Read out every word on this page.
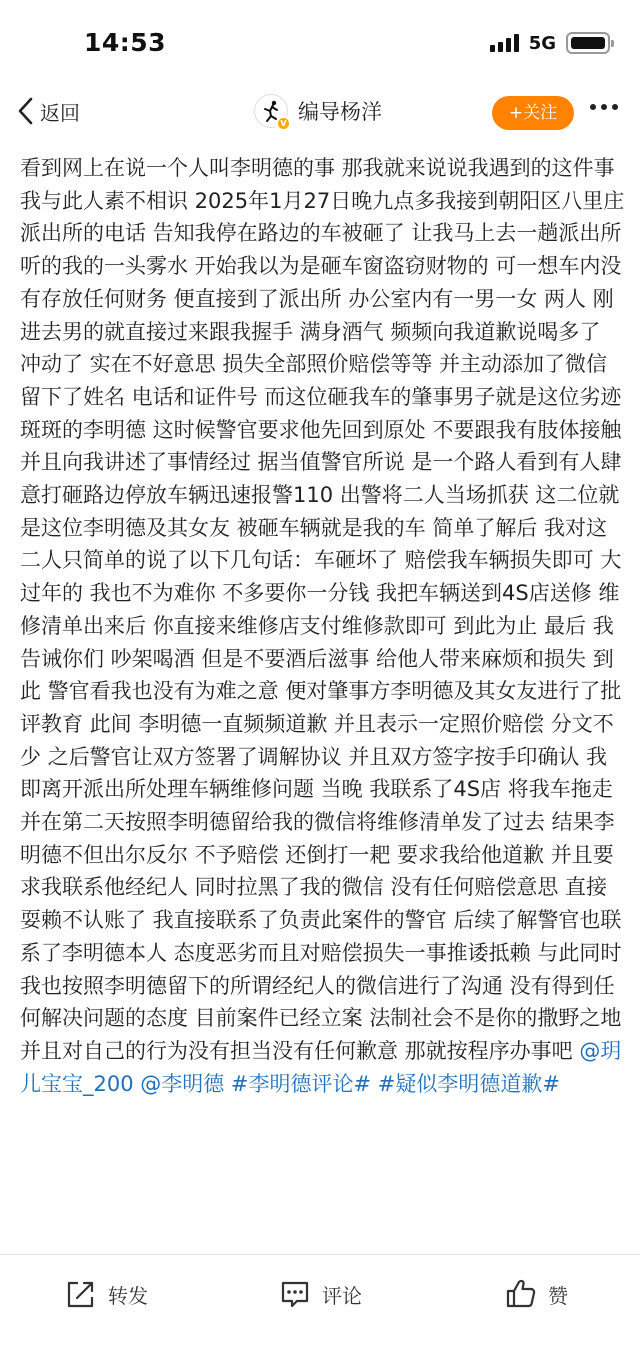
14:53	5G
返回	V 编导杨洋	+关注
看到网上在说一个人叫李明德的事 那我就来说说我遇到的这件事 我与此人素不相识 2025年1月27日晚九点多我接到朝阳区八里庄派出所的电话 告知我停在路边的车被砸了 让我马上去一趟派出所 听的我的一头雾水 开始我以为是砸车窗盗窃财物的 可一想车内没有存放任何财务 便直接到了派出所 办公室内有一男一女 两人 刚进去男的就直接过来跟我握手 满身酒气 频频向我道歉说喝多了 冲动了 实在不好意思 损失全部照价赔偿等等 并主动添加了微信 留下了姓名 电话和证件号 而这位砸我车的肇事男子就是这位劣迹斑斑的李明德 这时候警官要求他先回到原处 不要跟我有肢体接触 并且向我讲述了事情经过 据当值警官所说 是一个路人看到有人肆意打砸路边停放车辆迅速报警110 出警将二人当场抓获 这二位就是这位李明德及其女友 被砸车辆就是我的车 简单了解后 我对这二人只简单的说了以下几句话：车砸坏了 赔偿我车辆损失即可 大过年的 我也不为难你 不多要你一分钱 我把车辆送到4S店送修 维修清单出来后 你直接来维修店支付维修款即可 到此为止 最后 我告诫你们 吵架喝酒 但是不要酒后滋事 给他人带来麻烦和损失 到此 警官看我也没有为难之意 便对肇事方李明德及其女友进行了批评教育 此间 李明德一直频频道歉 并且表示一定照价赔偿 分文不少 之后警官让双方签署了调解协议 并且双方签字按手印确认 我即离开派出所处理车辆维修问题 当晚 我联系了4S店 将我车拖走 并在第二天按照李明德留给我的微信将维修清单发了过去 结果李明德不但出尔反尔 不予赔偿 还倒打一耙 要求我给他道歉 并且要求我联系他经纪人 同时拉黑了我的微信 没有任何赔偿意思 直接耍赖不认账了 我直接联系了负责此案件的警官 后续了解警官也联系了李明德本人 态度恶劣而且对赔偿损失一事推诿抵赖 与此同时 我也按照李明德留下的所谓经纪人的微信进行了沟通 没有得到任何解决问题的态度 目前案件已经立案 法制社会不是你的撒野之地 并且对自己的行为没有担当没有任何歉意 那就按程序办事吧 @玥儿宝宝_200 @李明德 #李明德评论# #疑似李明德道歉#
转发	评论	赞
